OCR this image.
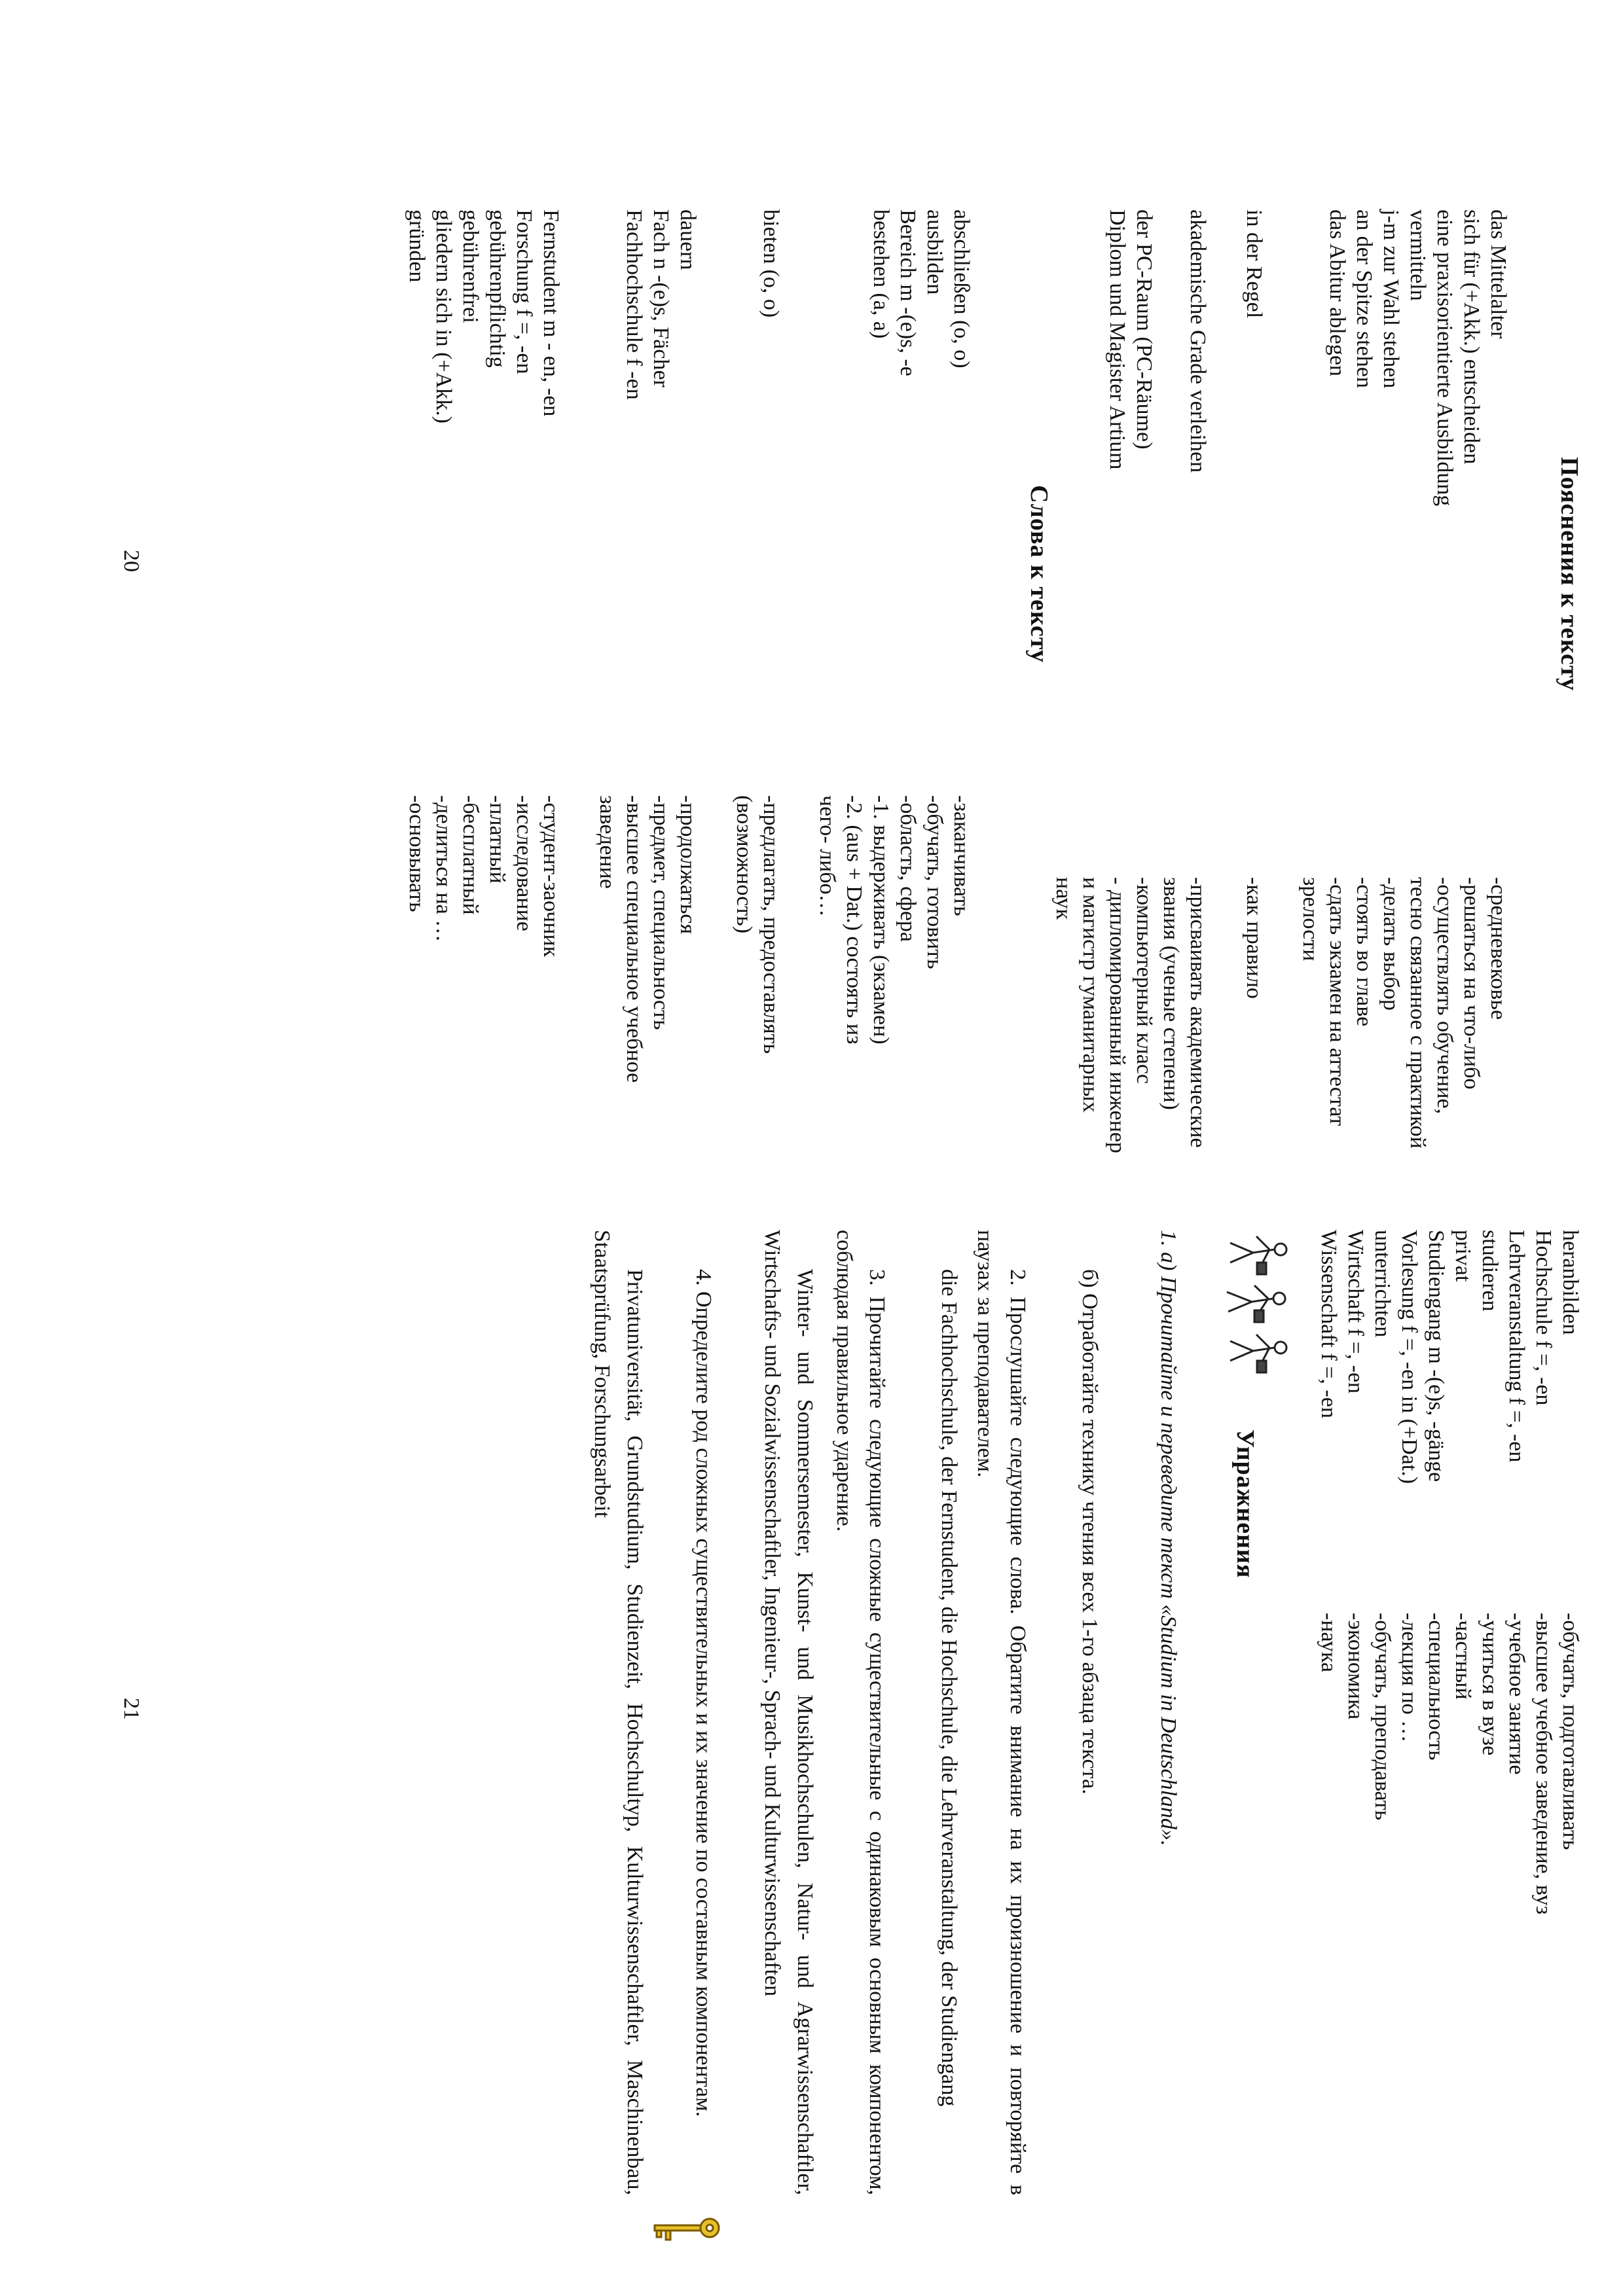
Пояснения к тексту
das Mittelalter
-средневековье
sich für (+Akk.) entscheiden
-решаться на что-либо
eine praxisorientierte Ausbildung
-осуществлять обучение,
vermitteln
тесно связанное с практикой
j-m zur Wahl stehen
-делать выбор
an der Spitze stehen
-стоять во главе
das Abitur ablegen
-сдать экзамен на аттестат
зрелости
in der Regel
-как правило
akademische Grade verleihen
-присваивать академические
звания (ученые степени)
der PC-Raum (PC-Räume)
-компьютерный класс
Diplom und Magister Artium
- дипломированный инженер
и магистр гуманитарных
наук
Слова к тексту
abschließen (o, o)
-заканчивать
ausbilden
-обучать, готовить
Bereich m -(e)s, -e
-область, сфера
bestehen (a, a)
-1. выдерживать (экзамен)
-2. (aus + Dat.) состоять из
чего- либо…
bieten (o, o)
-предлагать, предоставлять
(возможность)
dauern
-продолжаться
Fach n -(e)s, Fächer
-предмет, специальность
Fachhochschule f -en
-высшее специальное учебное
заведение
Fernstudent m - en, -en
-студент-заочник
Forschung f =, -en
-исследование
gebührenpflichtig
-платный
gebührenfrei
-бесплатный
gliedern sich in (+Akk.)
-делиться на …
gründen
-основывать
20
heranbilden
-обучать, подготавливать
Hochschule f =, -en
-высшее учебное заведение, вуз
Lehrveranstaltung f =, -en
-учебное занятие
studieren
-учиться в вузе
privat
-частный
Studiengang m -(e)s, -gänge
-специальность
Vorlesung f =, -en in (+Dat.)
-лекция по …
unterrichten
-обучать, преподавать
Wirtschaft f =, -en
-экономика
Wissenschaft f =, -en
-наука
Упражнения
1. а) Прочитайте и переведите текст «Studium in Deutschland».
б) Отработайте технику чтения всех 1-го абзаца текста.
2. Прослушайте следующие слова. Обратите внимание на их произношение и повторяйте в паузах за преподавателем.
die Fachhochschule, der Fernstudent, die Hochschule, die Lehrveranstaltung, der Studiengang
3. Прочитайте следующие сложные существительные с одинаковым основным компонентом, соблюдая правильное ударение.
Winter- und Sommersemester, Kunst- und Musikhochschulen, Natur- und Agrarwissenschaftler, Wirtschafts- und Sozialwissenschaftler, Ingenieur-, Sprach- und Kulturwissenschaften
4. Определите род сложных существительных и их значение по составным компонентам.
Privatuniversität, Grundstudium, Studienzeit, Hochschultyp, Kulturwissenschaftler, Maschinenbau, Staatsprüfung, Forschungsarbeit
21
